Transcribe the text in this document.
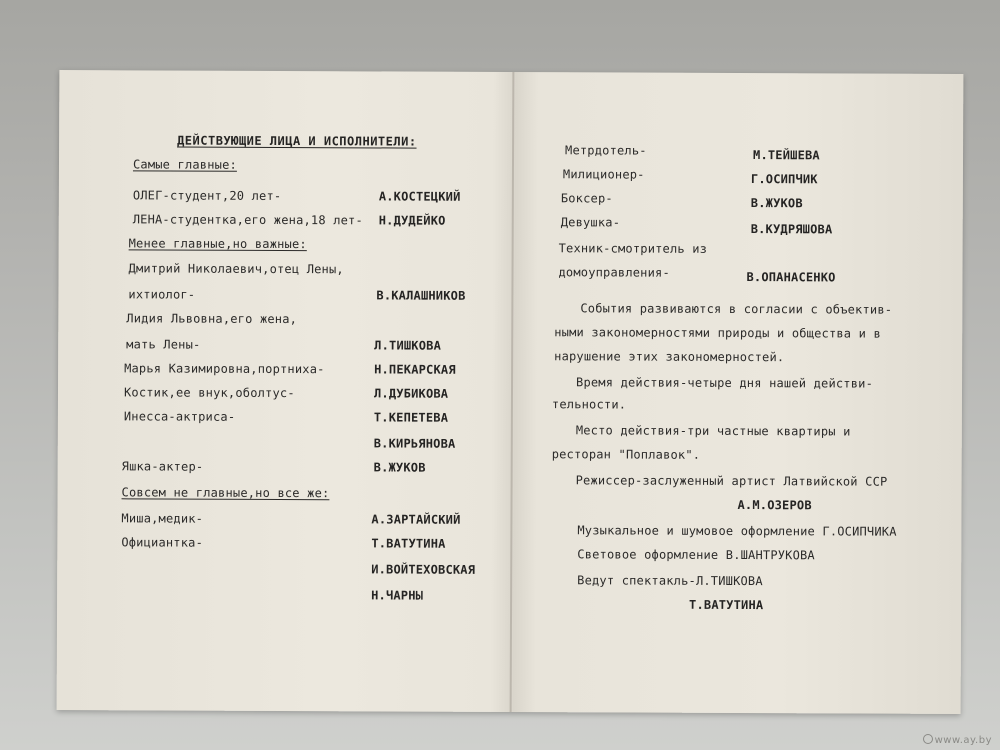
ДЕЙСТВУЮЩИЕ ЛИЦА И ИСПОЛНИТЕЛИ:
Самые главные:
ОЛЕГ-студент,20 лет-	А.КОСТЕЦКИЙ
ЛЕНА-студентка,его жена,18 лет- Н.ДУДЕЙКО
Менее главные,но важные:
Дмитрий Николаевич,отец Лены,
ихтиолог-	В.КАЛАШНИКОВ
Лидия Львовна,его жена,
мать Лены-	Л.ТИШКОВА
Марья Казимировна,портниха-	Н.ПЕКАРСКАЯ
Костик,ее внук,оболтус-	Л.ДУБИКОВА
Инесса-актриса-	Т.КЕПЕТЕВА
В.КИРЬЯНОВА
Яшка-актер-	В.ЖУКОВ
Совсем не главные,но все же:
Миша,медик-	А.ЗАРТАЙСКИЙ
Официантка-	Т.ВАТУТИНА
И.ВОЙТЕХОВСКАЯ
Н.ЧАРНЫ
Метрдотель-	М.ТЕЙШЕВА
Милиционер-	Г.ОСИПЧИК
Боксер-	В.ЖУКОВ
Девушка-	В.КУДРЯШОВА
Техник-смотритель из
домоуправления-	В.ОПАНАСЕНКО
События развиваются в согласии с объектив-
ными закономерностями природы и общества и в
нарушение этих закономерностей.
Время действия-четыре дня нашей действи-
тельности.
Место действия-три частные квартиры и
ресторан "Поплавок".
Режиссер-заслуженный артист Латвийской ССР
А.М.ОЗЕРОВ
Музыкальное и шумовое оформление Г.ОСИПЧИКА
Световое оформление В.ШАНТРУКОВА
Ведут спектакль-Л.ТИШКОВА
Т.ВАТУТИНА
www.ay.by
